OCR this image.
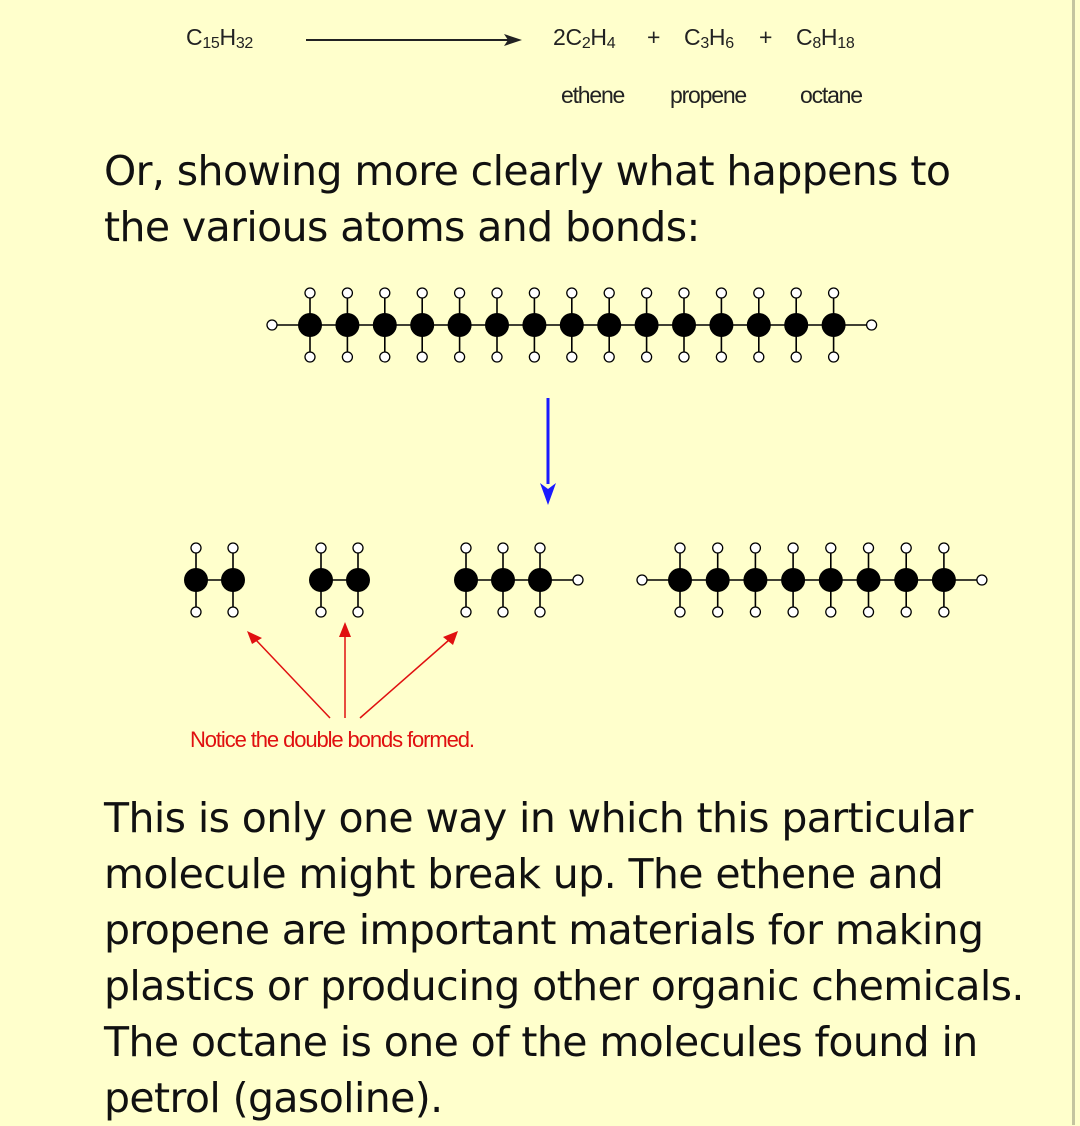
$C_{15}H_{32}$	$2C_2H_4 + C_3H_6 + C_8H_{18}$
ethene propene octane
Or, showing more clearly what happens to the various atoms and bonds:
Notice the double bonds formed.
This is only one way in which this particular molecule might break up. The ethene and propene are important materials for making plastics or producing other organic chemicals. The octane is one of the molecules found in petrol (gasoline).
